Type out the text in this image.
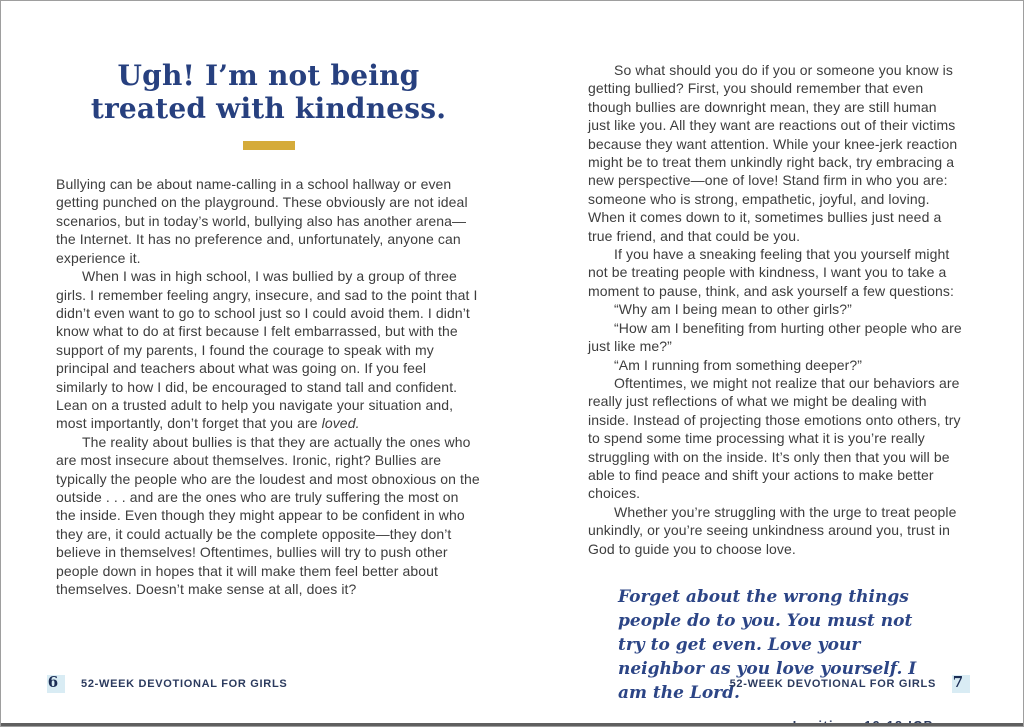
Ugh! I’m not being
treated with kindness.

Bullying can be about name-calling in a school hallway or even getting punched on the playground. These obviously are not ideal scenarios, but in today’s world, bullying also has another arena—the Internet. It has no preference and, unfortunately, anyone can experience it.

When I was in high school, I was bullied by a group of three girls. I remember feeling angry, insecure, and sad to the point that I didn’t even want to go to school just so I could avoid them. I didn’t know what to do at first because I felt embarrassed, but with the support of my parents, I found the courage to speak with my principal and teachers about what was going on. If you feel similarly to how I did, be encouraged to stand tall and confident. Lean on a trusted adult to help you navigate your situation and, most importantly, don’t forget that you are loved.

The reality about bullies is that they are actually the ones who are most insecure about themselves. Ironic, right? Bullies are typically the people who are the loudest and most obnoxious on the outside . . . and are the ones who are truly suffering the most on the inside. Even though they might appear to be confident in who they are, it could actually be the complete opposite—they don’t believe in themselves! Oftentimes, bullies will try to push other people down in hopes that it will make them feel better about themselves. Doesn’t make sense at all, does it?

So what should you do if you or someone you know is getting bullied? First, you should remember that even though bullies are downright mean, they are still human just like you. All they want are reactions out of their victims because they want attention. While your knee-jerk reaction might be to treat them unkindly right back, try embracing a new perspective—one of love! Stand firm in who you are: someone who is strong, empathetic, joyful, and loving. When it comes down to it, sometimes bullies just need a true friend, and that could be you.

If you have a sneaking feeling that you yourself might not be treating people with kindness, I want you to take a moment to pause, think, and ask yourself a few questions:

“Why am I being mean to other girls?”

“How am I benefiting from hurting other people who are just like me?”

“Am I running from something deeper?”

Oftentimes, we might not realize that our behaviors are really just reflections of what we might be dealing with inside. Instead of projecting those emotions onto others, try to spend some time processing what it is you’re really struggling with on the inside. It’s only then that you will be able to find peace and shift your actions to make better choices.

Whether you’re struggling with the urge to treat people unkindly, or you’re seeing unkindness around you, trust in God to guide you to choose love.

Forget about the wrong things people do to you. You must not try to get even. Love your neighbor as you love yourself. I am the Lord.

6 52-WEEK DEVOTIONAL FOR GIRLS	52-WEEK DEVOTIONAL FOR GIRLS 7
